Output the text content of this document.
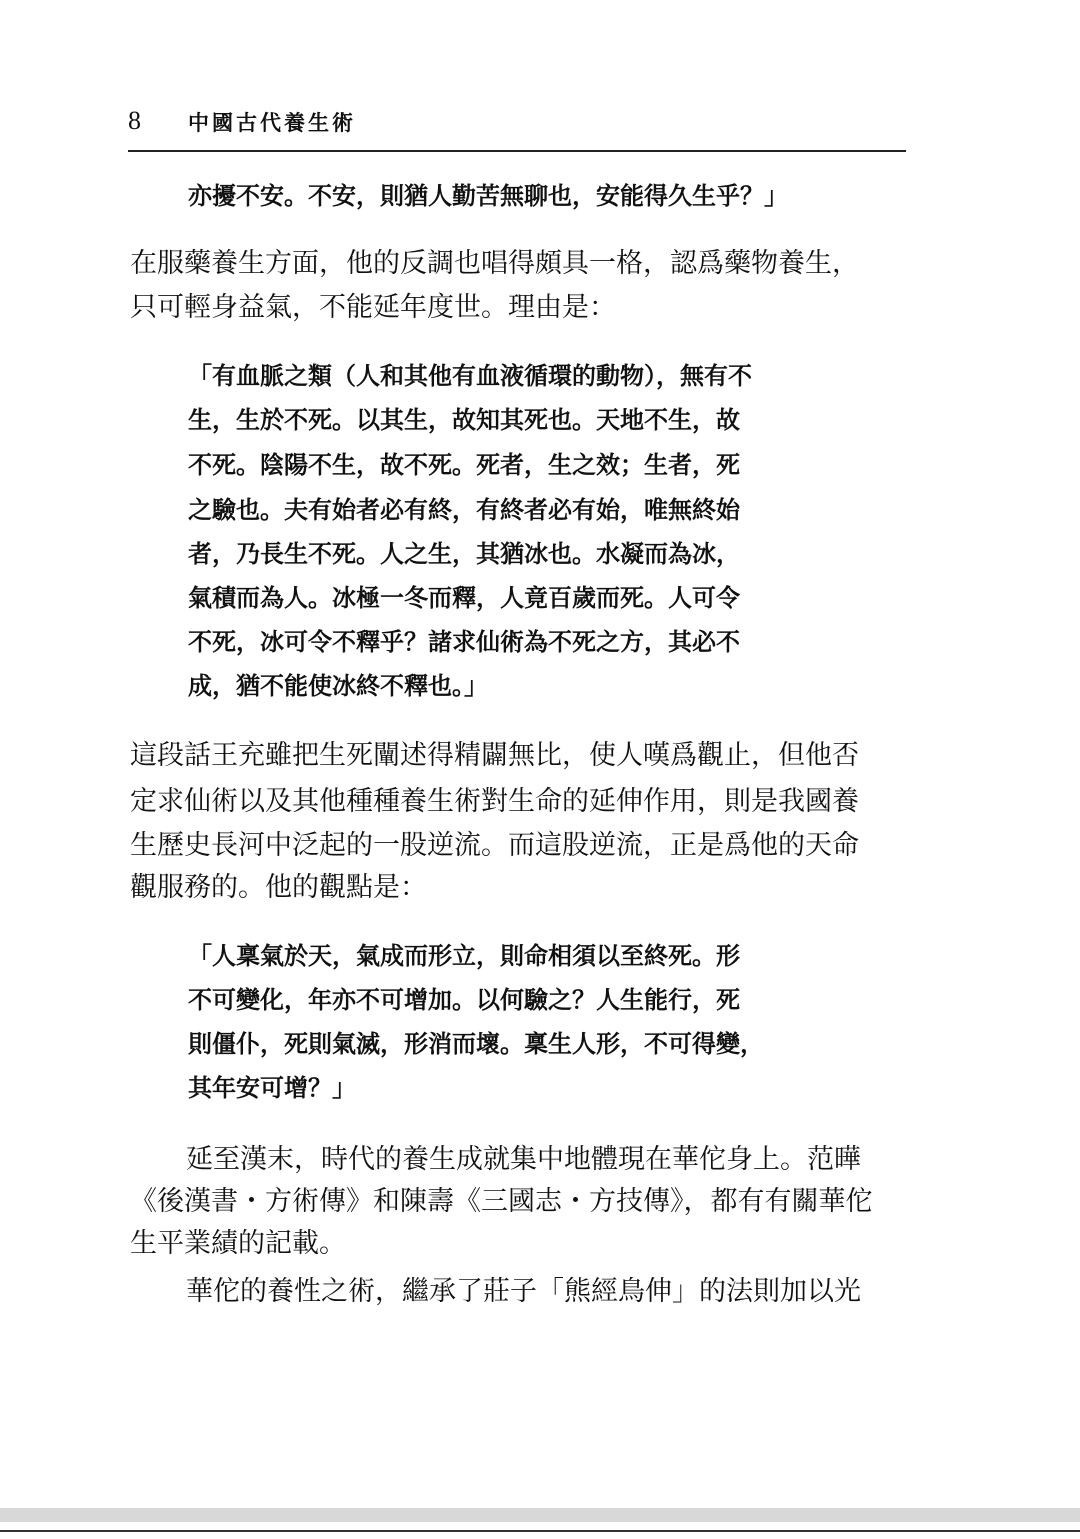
8 中國古代養生術
亦擾不安。不安，則猶人勤苦無聊也，安能得久生乎？」
在服藥養生方面，他的反調也唱得頗具一格，認爲藥物養生，
只可輕身益氣，不能延年度世。理由是：
「有血脈之類（人和其他有血液循環的動物），無有不
生，生於不死。以其生，故知其死也。天地不生，故
不死。陰陽不生，故不死。死者，生之效；生者，死
之驗也。夫有始者必有終，有終者必有始，唯無終始
者，乃長生不死。人之生，其猶冰也。水凝而為冰，
氣積而為人。冰極一冬而釋，人竟百歲而死。人可令
不死，冰可令不釋乎？諸求仙術為不死之方，其必不
成，猶不能使冰終不釋也。」
這段話王充雖把生死闡述得精闢無比，使人嘆爲觀止，但他否
定求仙術以及其他種種養生術對生命的延伸作用，則是我國養
生歷史長河中泛起的一股逆流。而這股逆流，正是爲他的天命
觀服務的。他的觀點是：
「人稟氣於天，氣成而形立，則命相須以至終死。形
不可變化，年亦不可增加。以何驗之？人生能行，死
則僵仆，死則氣滅，形消而壞。稟生人形，不可得變，
其年安可增？」
延至漢末，時代的養生成就集中地體現在華佗身上。范曄
《後漢書・方術傳》和陳壽《三國志・方技傳》，都有有關華佗
生平業績的記載。
華佗的養性之術，繼承了莊子「熊經鳥伸」的法則加以光
